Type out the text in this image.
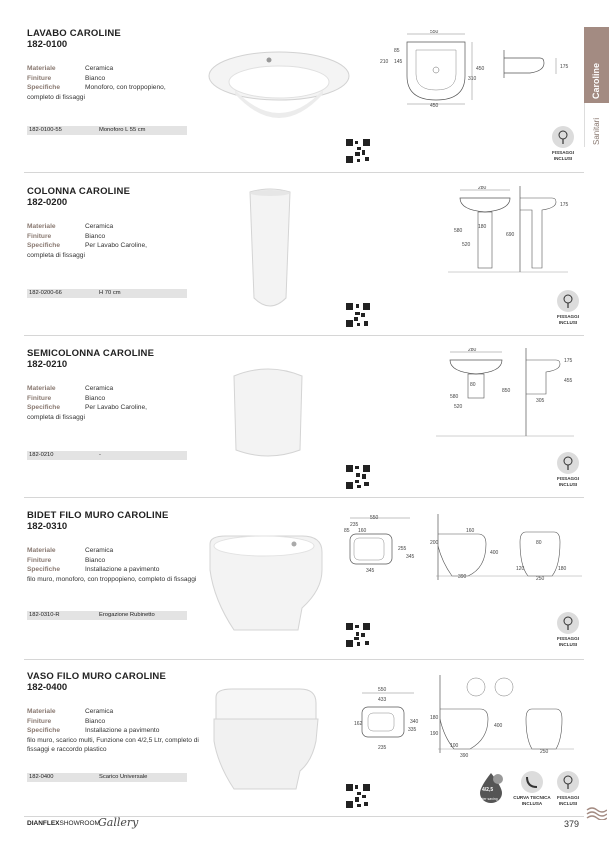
Caroline
Sanitari
LAVABO CAROLINE
182-0100
Materiale	Ceramica
Finiture	Bianco
Specifiche	Monoforo, con troppopieno,
completo di fissaggi
182-0100-55	Monoforo L 55 cm
550
85
210 145
450
310
450
175
FISSAGGI
INCLUSI
COLONNA CAROLINE
182-0200
Materiale	Ceramica
Finiture	Bianco
Specifiche	Per Lavabo Caroline,
completa di fissaggi
182-0200-66	H 70 cm
280
580
180
520
690
175
FISSAGGI
INCLUSI
SEMICOLONNA CAROLINE
182-0210
Materiale	Ceramica
Finiture	Bianco
Specifiche	Per Lavabo Caroline,
completa di fissaggi
182-0210	-
280
80
580
520
850
175
455
305
FISSAGGI
INCLUSI
BIDET FILO MURO CAROLINE
182-0310
Materiale	Ceramica
Finiture	Bianco
Specifiche	Installazione a pavimento
filo muro, monoforo, con troppopieno, completo di fissaggi
182-0310-R	Erogazione Rubinetto
550
235
85 160
255
345
345
200
160
400
390
80
120	180
250
FISSAGGI
INCLUSI
VASO FILO MURO CAROLINE
182-0400
Materiale	Ceramica
Finiture	Bianco
Specifiche	Installazione a pavimento
filo muro, scarico multi, Funzione con 4/2,5 Ltr, completo di fissaggi e raccordo plastico
182-0400	Scarico Universale
550
433
162	340
235
335
180
190
100
400
390
250
4/2,5
water saving	CURVA TECNICA
INCLUSA
FISSAGGI
INCLUSI
DIANFLEXSHOWROOM
Gallery	379
